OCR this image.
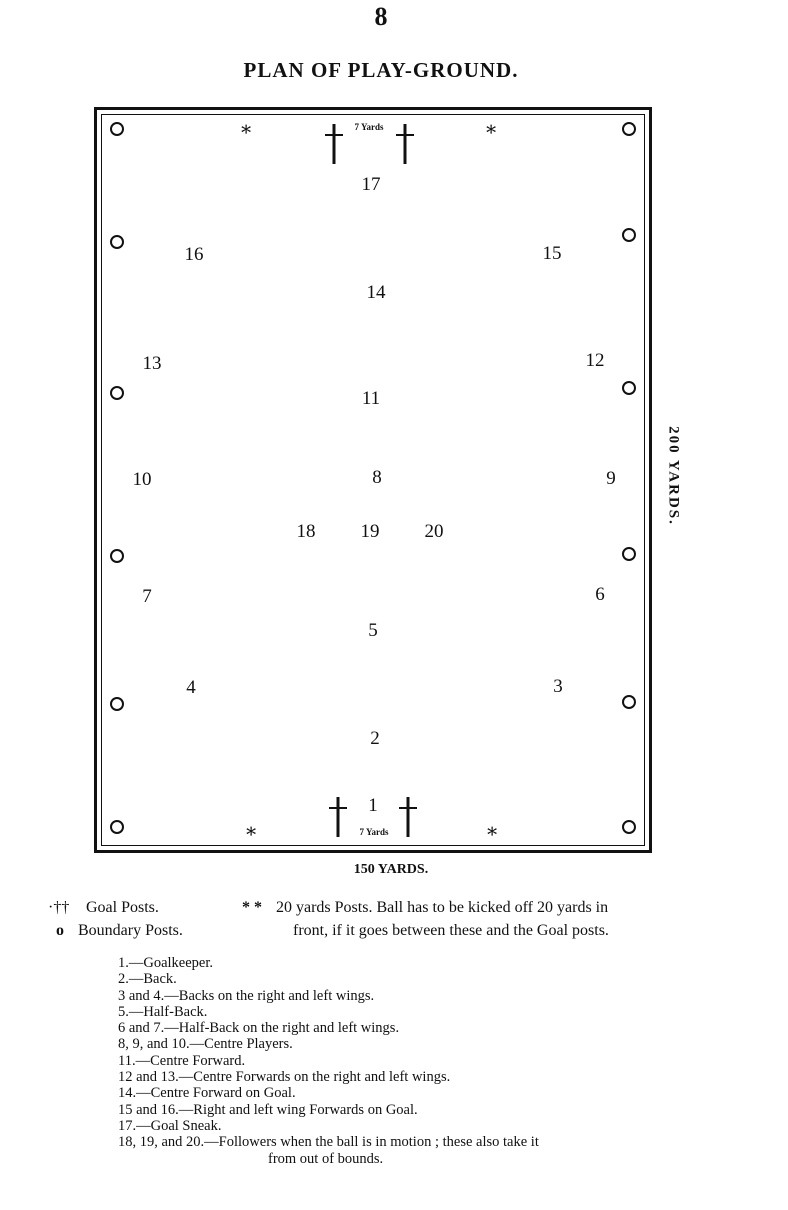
8
PLAN OF PLAY-GROUND.
7 Yards
7 Yards
∗	∗
∗	∗
1
2
3
4
5
6
7
8	9
10
11
12
13
14
15
16
17
18 19 20
200 YARDS.
150 YARDS.
·†† Goal Posts.
o Boundary Posts.
* * 20 yards Posts. Ball has to be kicked off 20 yards in
front, if it goes between these and the Goal posts.
1.—Goalkeeper.
2.—Back.
3 and 4.—Backs on the right and left wings.
5.—Half-Back.
6 and 7.—Half-Back on the right and left wings.
8, 9, and 10.—Centre Players.
11.—Centre Forward.
12 and 13.—Centre Forwards on the right and left wings.
14.—Centre Forward on Goal.
15 and 16.—Right and left wing Forwards on Goal.
17.—Goal Sneak.
18, 19, and 20.—Followers when the ball is in motion ; these also take it
from out of bounds.
